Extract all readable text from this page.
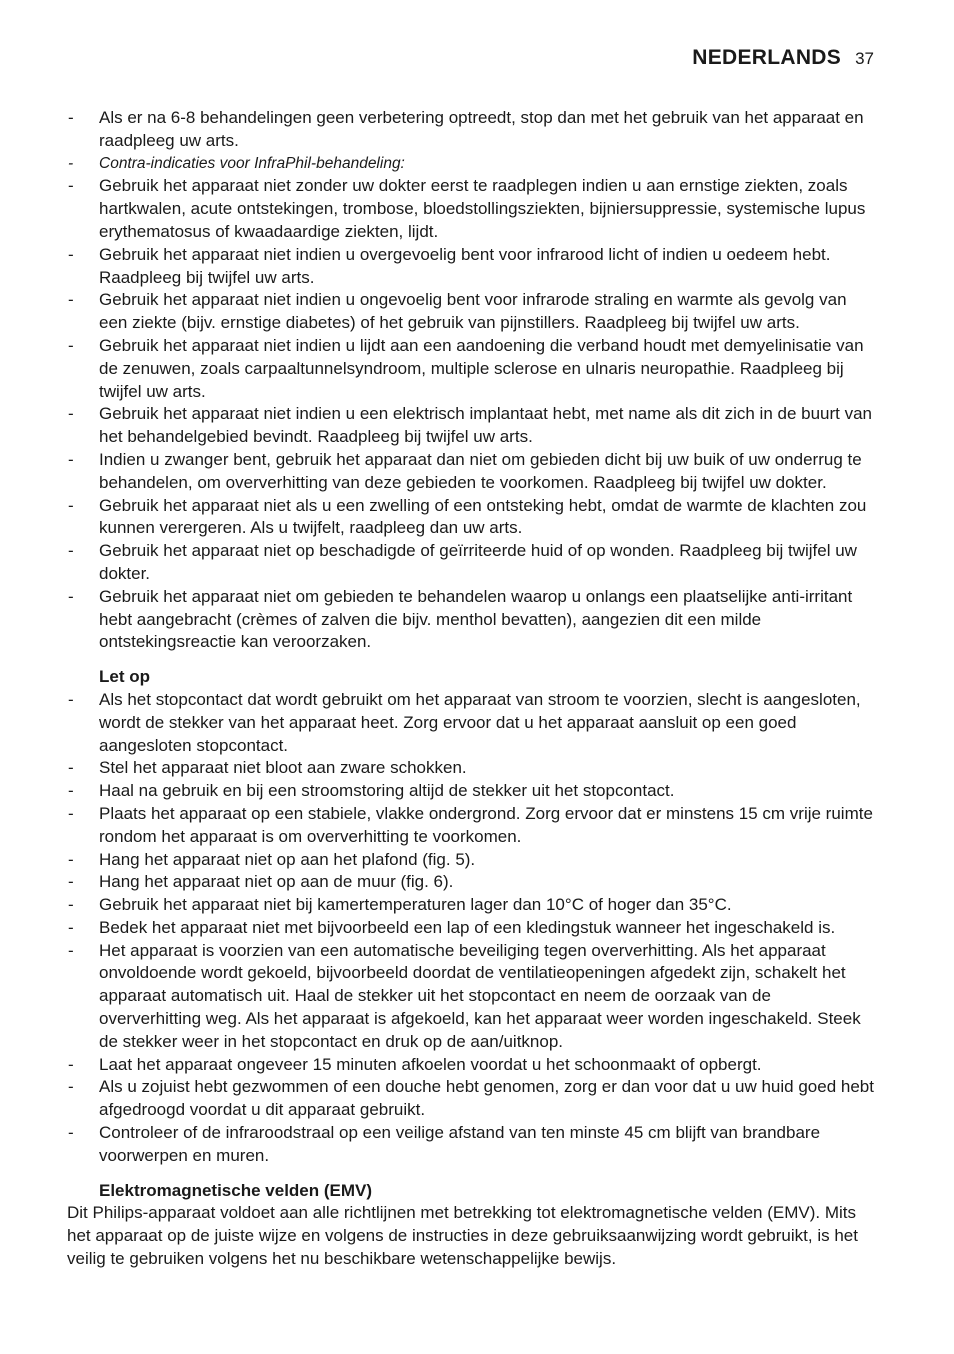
NEDERLANDS 37
- Als er na 6-8 behandelingen geen verbetering optreedt, stop dan met het gebruik van het apparaat en raadpleeg uw arts.
- Contra-indicaties voor InfraPhil-behandeling:
- Gebruik het apparaat niet zonder uw dokter eerst te raadplegen indien u aan ernstige ziekten, zoals hartkwalen, acute ontstekingen, trombose, bloedstollingsziekten, bijniersuppressie, systemische lupus erythematosus of kwaadaardige ziekten, lijdt.
- Gebruik het apparaat niet indien u overgevoelig bent voor infrarood licht of indien u oedeem hebt. Raadpleeg bij twijfel uw arts.
- Gebruik het apparaat niet indien u ongevoelig bent voor infrarode straling en warmte als gevolg van een ziekte (bijv. ernstige diabetes) of het gebruik van pijnstillers. Raadpleeg bij twijfel uw arts.
- Gebruik het apparaat niet indien u lijdt aan een aandoening die verband houdt met demyelinisatie van de zenuwen, zoals carpaaltunnelsyndroom, multiple sclerose en ulnaris neuropathie. Raadpleeg bij twijfel uw arts.
- Gebruik het apparaat niet indien u een elektrisch implantaat hebt, met name als dit zich in de buurt van het behandelgebied bevindt. Raadpleeg bij twijfel uw arts.
- Indien u zwanger bent, gebruik het apparaat dan niet om gebieden dicht bij uw buik of uw onderrug te behandelen, om oververhitting van deze gebieden te voorkomen. Raadpleeg bij twijfel uw dokter.
- Gebruik het apparaat niet als u een zwelling of een ontsteking hebt, omdat de warmte de klachten zou kunnen verergeren. Als u twijfelt, raadpleeg dan uw arts.
- Gebruik het apparaat niet op beschadigde of geïrriteerde huid of op wonden. Raadpleeg bij twijfel uw dokter.
- Gebruik het apparaat niet om gebieden te behandelen waarop u onlangs een plaatselijke anti-irritant hebt aangebracht (crèmes of zalven die bijv. menthol bevatten), aangezien dit een milde ontstekingsreactie kan veroorzaken.
Let op
- Als het stopcontact dat wordt gebruikt om het apparaat van stroom te voorzien, slecht is aangesloten, wordt de stekker van het apparaat heet. Zorg ervoor dat u het apparaat aansluit op een goed aangesloten stopcontact.
- Stel het apparaat niet bloot aan zware schokken.
- Haal na gebruik en bij een stroomstoring altijd de stekker uit het stopcontact.
- Plaats het apparaat op een stabiele, vlakke ondergrond. Zorg ervoor dat er minstens 15 cm vrije ruimte rondom het apparaat is om oververhitting te voorkomen.
- Hang het apparaat niet op aan het plafond (fig. 5).
- Hang het apparaat niet op aan de muur (fig. 6).
- Gebruik het apparaat niet bij kamertemperaturen lager dan 10°C of hoger dan 35°C.
- Bedek het apparaat niet met bijvoorbeeld een lap of een kledingstuk wanneer het ingeschakeld is.
- Het apparaat is voorzien van een automatische beveiliging tegen oververhitting. Als het apparaat onvoldoende wordt gekoeld, bijvoorbeeld doordat de ventilatieopeningen afgedekt zijn, schakelt het apparaat automatisch uit. Haal de stekker uit het stopcontact en neem de oorzaak van de oververhitting weg. Als het apparaat is afgekoeld, kan het apparaat weer worden ingeschakeld. Steek de stekker weer in het stopcontact en druk op de aan/uitknop.
- Laat het apparaat ongeveer 15 minuten afkoelen voordat u het schoonmaakt of opbergt.
- Als u zojuist hebt gezwommen of een douche hebt genomen, zorg er dan voor dat u uw huid goed hebt afgedroogd voordat u dit apparaat gebruikt.
- Controleer of de infraroodstraal op een veilige afstand van ten minste 45 cm blijft van brandbare voorwerpen en muren.
Elektromagnetische velden (EMV)

Dit Philips-apparaat voldoet aan alle richtlijnen met betrekking tot elektromagnetische velden (EMV). Mits het apparaat op de juiste wijze en volgens de instructies in deze gebruiksaanwijzing wordt gebruikt, is het veilig te gebruiken volgens het nu beschikbare wetenschappelijke bewijs.
